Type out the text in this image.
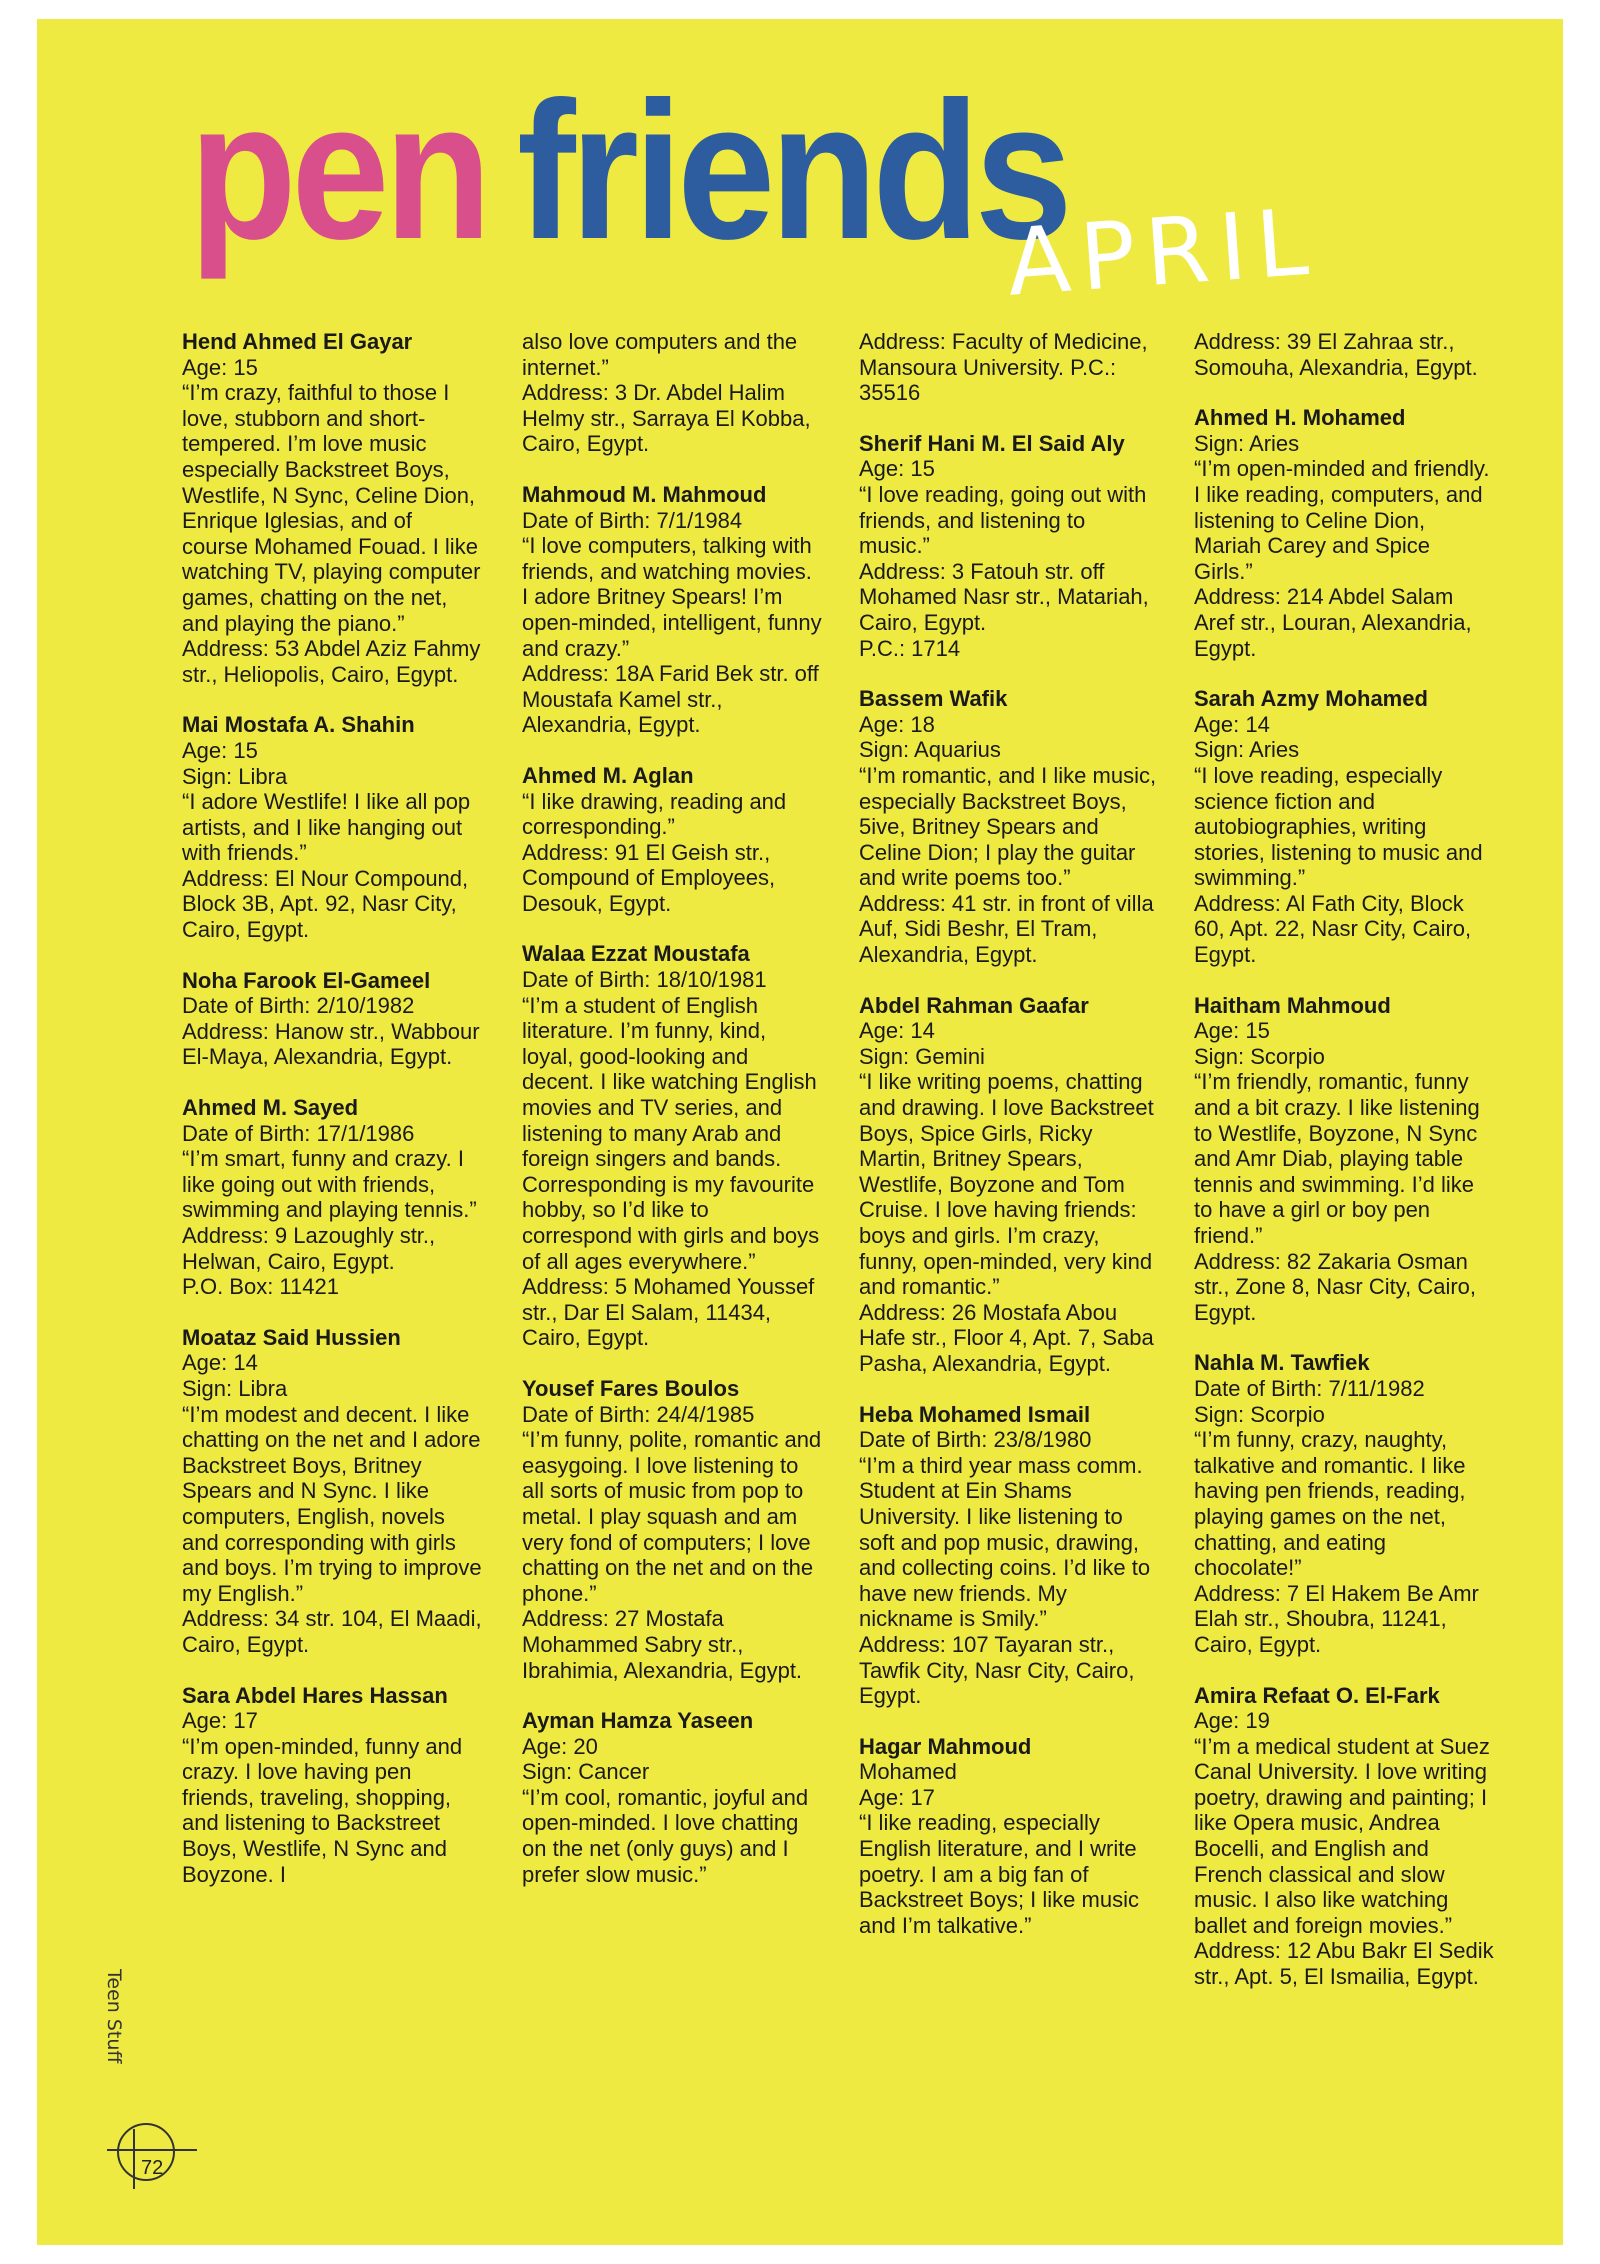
pen friends
APRIL

Hend Ahmed El Gayar

Age: 15

“I’m crazy, faithful to those I love, stubborn and short-tempered. I’m love music especially Backstreet Boys, Westlife, N Sync, Celine Dion, Enrique Iglesias, and of course Mohamed Fouad. I like watching TV, playing computer games, chatting on the net, and playing the piano.”

Address: 53 Abdel Aziz Fahmy str., Heliopolis, Cairo, Egypt.

Mai Mostafa A. Shahin

Age: 15

Sign: Libra

“I adore Westlife! I like all pop artists, and I like hanging out with friends.”

Address: El Nour Compound, Block 3B, Apt. 92, Nasr City, Cairo, Egypt.

Noha Farook El-Gameel

Date of Birth: 2/10/1982

Address: Hanow str., Wabbour El-Maya, Alexandria, Egypt.

Ahmed M. Sayed

Date of Birth: 17/1/1986

“I’m smart, funny and crazy. I like going out with friends, swimming and playing tennis.”

Address: 9 Lazoughly str., Helwan, Cairo, Egypt.

P.O. Box: 11421

Moataz Said Hussien

Age: 14

Sign: Libra

“I’m modest and decent. I like chatting on the net and I adore Backstreet Boys, Britney Spears and N Sync. I like computers, English, novels and corresponding with girls and boys. I’m trying to improve my English.”

Address: 34 str. 104, El Maadi, Cairo, Egypt.

Sara Abdel Hares Hassan

Age: 17

“I’m open-minded, funny and crazy. I love having pen friends, traveling, shopping, and listening to Backstreet Boys, Westlife, N Sync and Boyzone. I

also love computers and the internet.”

Address: 3 Dr. Abdel Halim Helmy str., Sarraya El Kobba, Cairo, Egypt.

Mahmoud M. Mahmoud

Date of Birth: 7/1/1984

“I love computers, talking with friends, and watching movies. I adore Britney Spears! I’m open-minded, intelligent, funny and crazy.”

Address: 18A Farid Bek str. off Moustafa Kamel str., Alexandria, Egypt.

Ahmed M. Aglan

“I like drawing, reading and corresponding.”

Address: 91 El Geish str., Compound of Employees, Desouk, Egypt.

Walaa Ezzat Moustafa

Date of Birth: 18/10/1981

“I’m a student of English literature. I’m funny, kind, loyal, good-looking and decent. I like watching English movies and TV series, and listening to many Arab and foreign singers and bands. Corresponding is my favourite hobby, so I’d like to correspond with girls and boys of all ages everywhere.”

Address: 5 Mohamed Youssef str., Dar El Salam, 11434, Cairo, Egypt.

Yousef Fares Boulos

Date of Birth: 24/4/1985

“I’m funny, polite, romantic and easygoing. I love listening to all sorts of music from pop to metal. I play squash and am very fond of computers; I love chatting on the net and on the phone.”

Address: 27 Mostafa Mohammed Sabry str., Ibrahimia, Alexandria, Egypt.

Ayman Hamza Yaseen

Age: 20

Sign: Cancer

“I’m cool, romantic, joyful and open-minded. I love chatting on the net (only guys) and I prefer slow music.”

Address: Faculty of Medicine, Mansoura University. P.C.: 35516

Sherif Hani M. El Said Aly

Age: 15

“I love reading, going out with friends, and listening to music.”

Address: 3 Fatouh str. off Mohamed Nasr str., Matariah, Cairo, Egypt.

P.C.: 1714

Bassem Wafik

Age: 18

Sign: Aquarius

“I’m romantic, and I like music, especially Backstreet Boys, 5ive, Britney Spears and Celine Dion; I play the guitar and write poems too.”

Address: 41 str. in front of villa Auf, Sidi Beshr, El Tram, Alexandria, Egypt.

Abdel Rahman Gaafar

Age: 14

Sign: Gemini

“I like writing poems, chatting and drawing. I love Backstreet Boys, Spice Girls, Ricky Martin, Britney Spears, Westlife, Boyzone and Tom Cruise. I love having friends: boys and girls. I’m crazy, funny, open-minded, very kind and romantic.”

Address: 26 Mostafa Abou Hafe str., Floor 4, Apt. 7, Saba Pasha, Alexandria, Egypt.

Heba Mohamed Ismail

Date of Birth: 23/8/1980

“I’m a third year mass comm. Student at Ein Shams University. I like listening to soft and pop music, drawing, and collecting coins. I’d like to have new friends. My nickname is Smily.”

Address: 107 Tayaran str., Tawfik City, Nasr City, Cairo, Egypt.

Hagar Mahmoud

Mohamed

Age: 17

“I like reading, especially English literature, and I write poetry. I am a big fan of Backstreet Boys; I like music and I’m talkative.”

Address: 39 El Zahraa str., Somouha, Alexandria, Egypt.

Ahmed H. Mohamed

Sign: Aries

“I’m open-minded and friendly. I like reading, computers, and listening to Celine Dion, Mariah Carey and Spice Girls.”

Address: 214 Abdel Salam Aref str., Louran, Alexandria, Egypt.

Sarah Azmy Mohamed

Age: 14

Sign: Aries

“I love reading, especially science fiction and autobiographies, writing stories, listening to music and swimming.”

Address: Al Fath City, Block 60, Apt. 22, Nasr City, Cairo, Egypt.

Haitham Mahmoud

Age: 15

Sign: Scorpio

“I’m friendly, romantic, funny and a bit crazy. I like listening to Westlife, Boyzone, N Sync and Amr Diab, playing table tennis and swimming. I’d like to have a girl or boy pen friend.”

Address: 82 Zakaria Osman str., Zone 8, Nasr City, Cairo, Egypt.

Nahla M. Tawfiek

Date of Birth: 7/11/1982

Sign: Scorpio

“I’m funny, crazy, naughty, talkative and romantic. I like having pen friends, reading, playing games on the net, chatting, and eating chocolate!”

Address: 7 El Hakem Be Amr Elah str., Shoubra, 11241, Cairo, Egypt.

Amira Refaat O. El-Fark

Age: 19

“I’m a medical student at Suez Canal University. I love writing poetry, drawing and painting; I like Opera music, Andrea Bocelli, and English and French classical and slow music. I also like watching ballet and foreign movies.”

Address: 12 Abu Bakr El Sedik str., Apt. 5, El Ismailia, Egypt.

Teen Stuff
72
